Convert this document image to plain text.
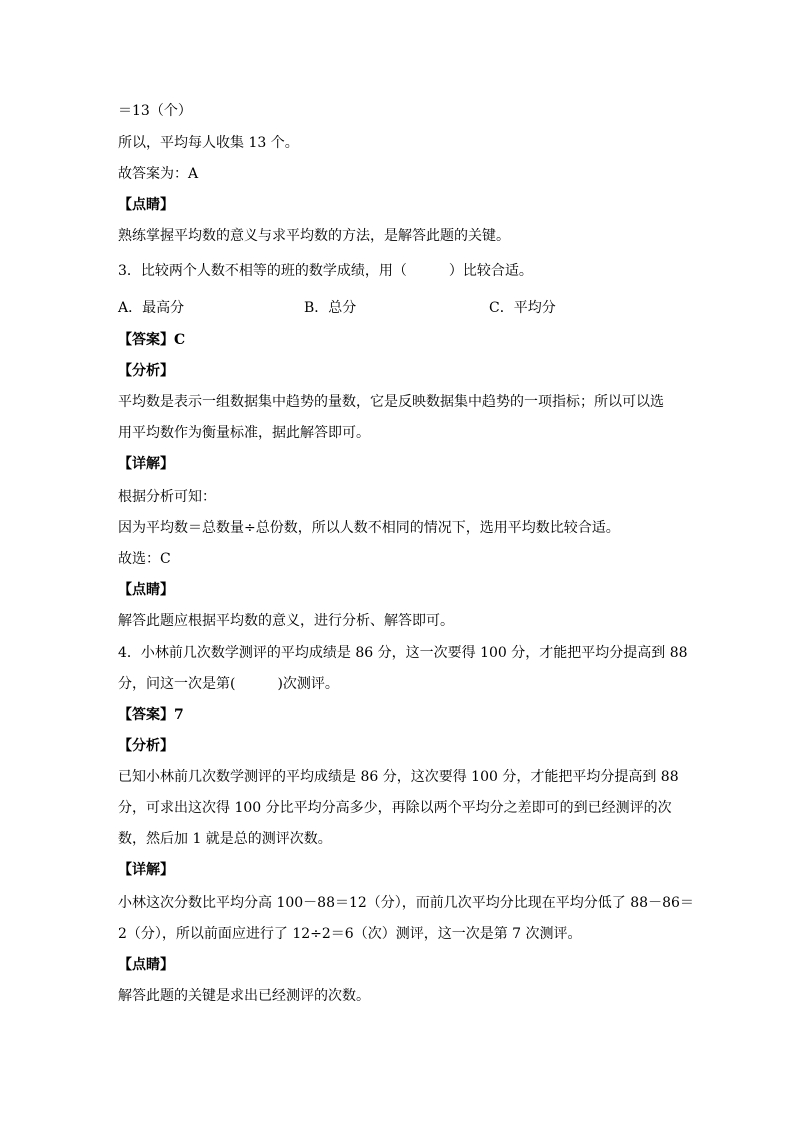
＝13（个）
所以，平均每人收集 13 个。
故答案为：A
【点睛】
熟练掌握平均数的意义与求平均数的方法，是解答此题的关键。
3．比较两个人数不相等的班的数学成绩，用（　　　）比较合适。
A．最高分	B．总分	C．平均分
【答案】C
【分析】
平均数是表示一组数据集中趋势的量数，它是反映数据集中趋势的一项指标；所以可以选
用平均数作为衡量标准，据此解答即可。
【详解】
根据分析可知：
因为平均数＝总数量÷总份数，所以人数不相同的情况下，选用平均数比较合适。
故选：C
【点睛】
解答此题应根据平均数的意义，进行分析、解答即可。
4．小林前几次数学测评的平均成绩是 86 分，这一次要得 100 分，才能把平均分提高到 88
分，问这一次是第(　　　)次测评。
【答案】7
【分析】
已知小林前几次数学测评的平均成绩是 86 分，这次要得 100 分，才能把平均分提高到 88
分，可求出这次得 100 分比平均分高多少，再除以两个平均分之差即可的到已经测评的次
数，然后加 1 就是总的测评次数。
【详解】
小林这次分数比平均分高 100－88＝12（分），而前几次平均分比现在平均分低了 88－86＝
2（分），所以前面应进行了 12÷2＝6（次）测评，这一次是第 7 次测评。
【点睛】
解答此题的关键是求出已经测评的次数。
